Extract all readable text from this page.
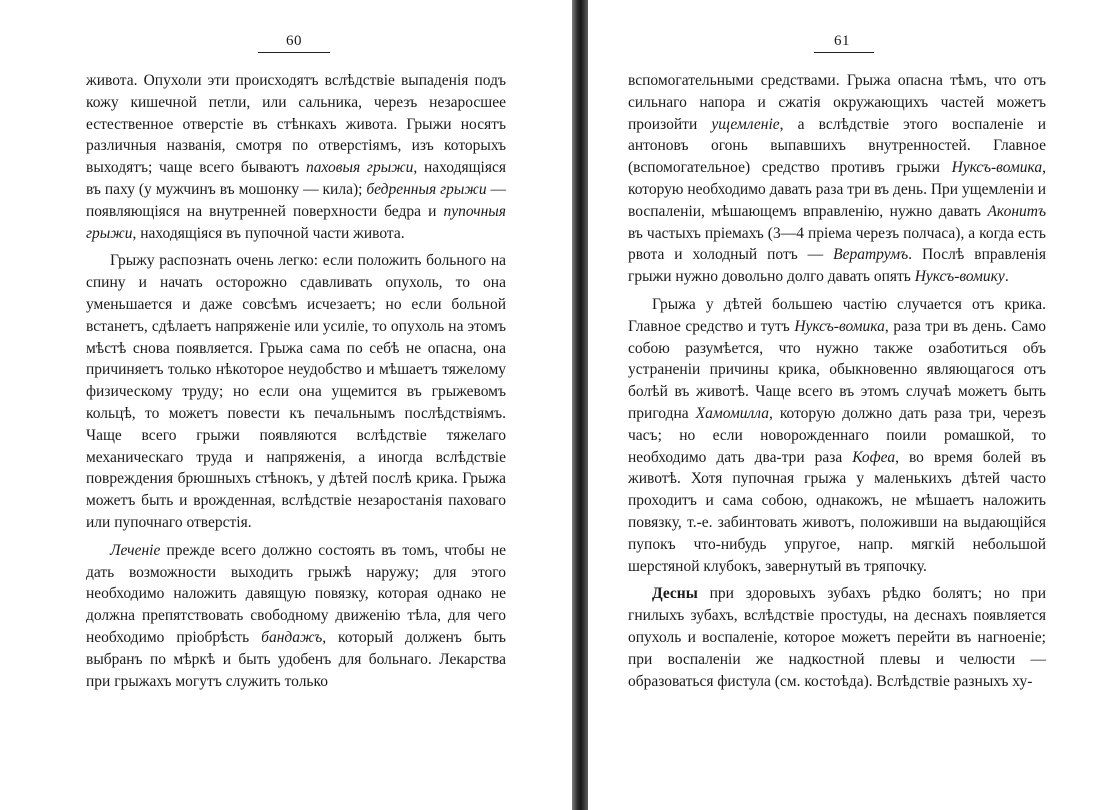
60

живота. Опухоли эти происходятъ вслѣдствіе выпаденія подъ кожу кишечной петли, или сальника, черезъ незаросшее естественное отверстіе въ стѣнкахъ живота. Грыжи носятъ различныя названія, смотря по отверстіямъ, изъ которыхъ выходятъ; чаще всего бываютъ паховыя грыжи, находящіяся въ паху (у мужчинъ въ мошонку — кила); бедренныя грыжи — появляющіяся на внутренней поверхности бедра и пупочныя грыжи, находящіяся въ пупочной части живота.

Грыжу распознать очень легко: если положить больного на спину и начать осторожно сдавливать опухоль, то она уменьшается и даже совсѣмъ исчезаетъ; но если больной встанетъ, сдѣлаетъ напряженіе или усиліе, то опухоль на этомъ мѣстѣ снова появляется. Грыжа сама по себѣ не опасна, она причиняетъ только нѣкоторое неудобство и мѣшаетъ тяжелому физическому труду; но если она ущемится въ грыжевомъ кольцѣ, то можетъ повести къ печальнымъ послѣдствіямъ. Чаще всего грыжи появляются вслѣдствіе тяжелаго механическаго труда и напряженія, а иногда вслѣдствіе повреждения брюшныхъ стѣнокъ, у дѣтей послѣ крика. Грыжа можетъ быть и врожденная, вслѣдствіе незаростанія паховаго или пупочнаго отверстія.

Леченіе прежде всего должно состоять въ томъ, чтобы не дать возможности выходить грыжѣ наружу; для этого необходимо наложить давящую повязку, которая однако не должна препятствовать свободному движенію тѣла, для чего необходимо пріобрѣсть бандажъ, который долженъ быть выбранъ по мѣркѣ и быть удобенъ для больнаго. Лекарства при грыжахъ могутъ служить только

61

вспомогательными средствами. Грыжа опасна тѣмъ, что отъ сильнаго напора и сжатія окружающихъ частей можетъ произойти ущемленіе, а вслѣдствіе этого воспаленіе и антоновъ огонь выпавшихъ внутренностей. Главное (вспомогательное) средство противъ грыжи Нуксъ-вомика, которую необходимо давать раза три въ день. При ущемленіи и воспаленіи, мѣшающемъ вправленію, нужно давать Аконитъ въ частыхъ пріемахъ (3—4 пріема черезъ полчаса), а когда есть рвота и холодный потъ — Вератрумъ. Послѣ вправленія грыжи нужно довольно долго давать опять Нуксъ-вомику.

Грыжа у дѣтей большею частію случается отъ крика. Главное средство и тутъ Нуксъ-вомика, раза три въ день. Само собою разумѣется, что нужно также озаботиться объ устраненіи причины крика, обыкновенно являющагося отъ болѣй въ животѣ. Чаще всего въ этомъ случаѣ можетъ быть пригодна Хамомилла, которую должно дать раза три, черезъ часъ; но если новорожденнаго поили ромашкой, то необходимо дать два-три раза Кофеа, во время болей въ животѣ. Хотя пупочная грыжа у маленькихъ дѣтей часто проходитъ и сама собою, однакожъ, не мѣшаетъ наложить повязку, т.-е. забинтовать животъ, положивши на выдающійся пупокъ что-нибудь упругое, напр. мягкій небольшой шерстяной клубокъ, завернутый въ тряпочку.

Десны при здоровыхъ зубахъ рѣдко болятъ; но при гнилыхъ зубахъ, вслѣдствіе простуды, на деснахъ появляется опухоль и воспаленіе, которое можетъ перейти въ нагноеніе; при воспаленіи же надкостной плевы и челюсти — образоваться фистула (см. костоѣда). Вслѣдствіе разныхъ ху-
